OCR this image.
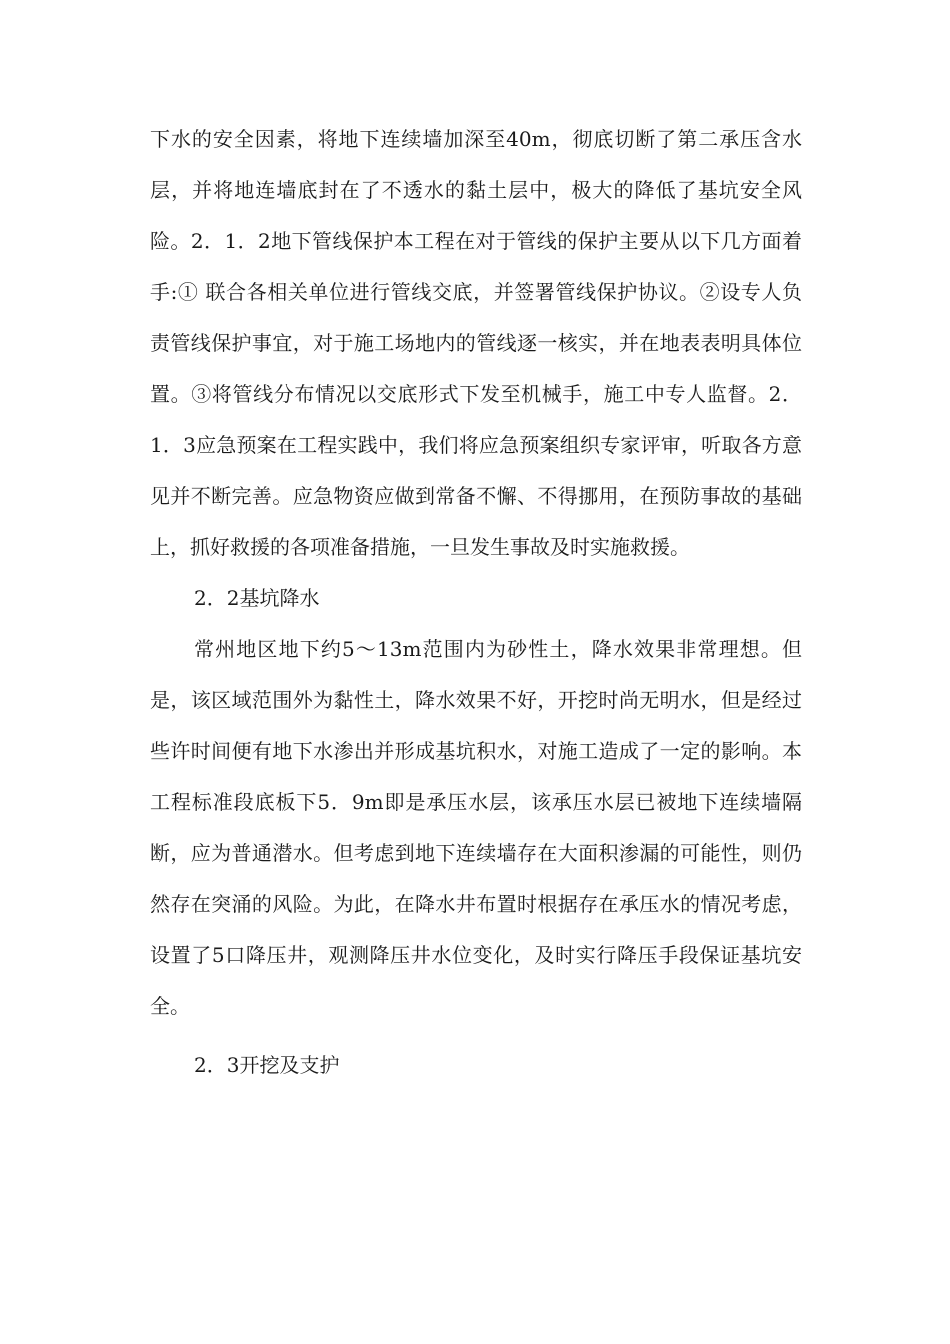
下水的安全因素，将地下连续墙加深至40m，彻底切断了第二承压含水层，并将地连墙底封在了不透水的黏土层中，极大的降低了基坑安全风险。2．1．2地下管线保护本工程在对于管线的保护主要从以下几方面着手:① 联合各相关单位进行管线交底，并签署管线保护协议。②设专人负责管线保护事宜，对于施工场地内的管线逐一核实，并在地表表明具体位置。③将管线分布情况以交底形式下发至机械手，施工中专人监督。2．1．3应急预案在工程实践中，我们将应急预案组织专家评审，听取各方意见并不断完善。应急物资应做到常备不懈、不得挪用，在预防事故的基础上，抓好救援的各项准备措施，一旦发生事故及时实施救援。

2．2基坑降水

常州地区地下约5～13m范围内为砂性土，降水效果非常理想。但是，该区域范围外为黏性土，降水效果不好，开挖时尚无明水，但是经过些许时间便有地下水渗出并形成基坑积水，对施工造成了一定的影响。本工程标准段底板下5．9m即是承压水层，该承压水层已被地下连续墙隔断，应为普通潜水。但考虑到地下连续墙存在大面积渗漏的可能性，则仍然存在突涌的风险。为此，在降水井布置时根据存在承压水的情况考虑，设置了5口降压井，观测降压井水位变化，及时实行降压手段保证基坑安全。

2．3开挖及支护
